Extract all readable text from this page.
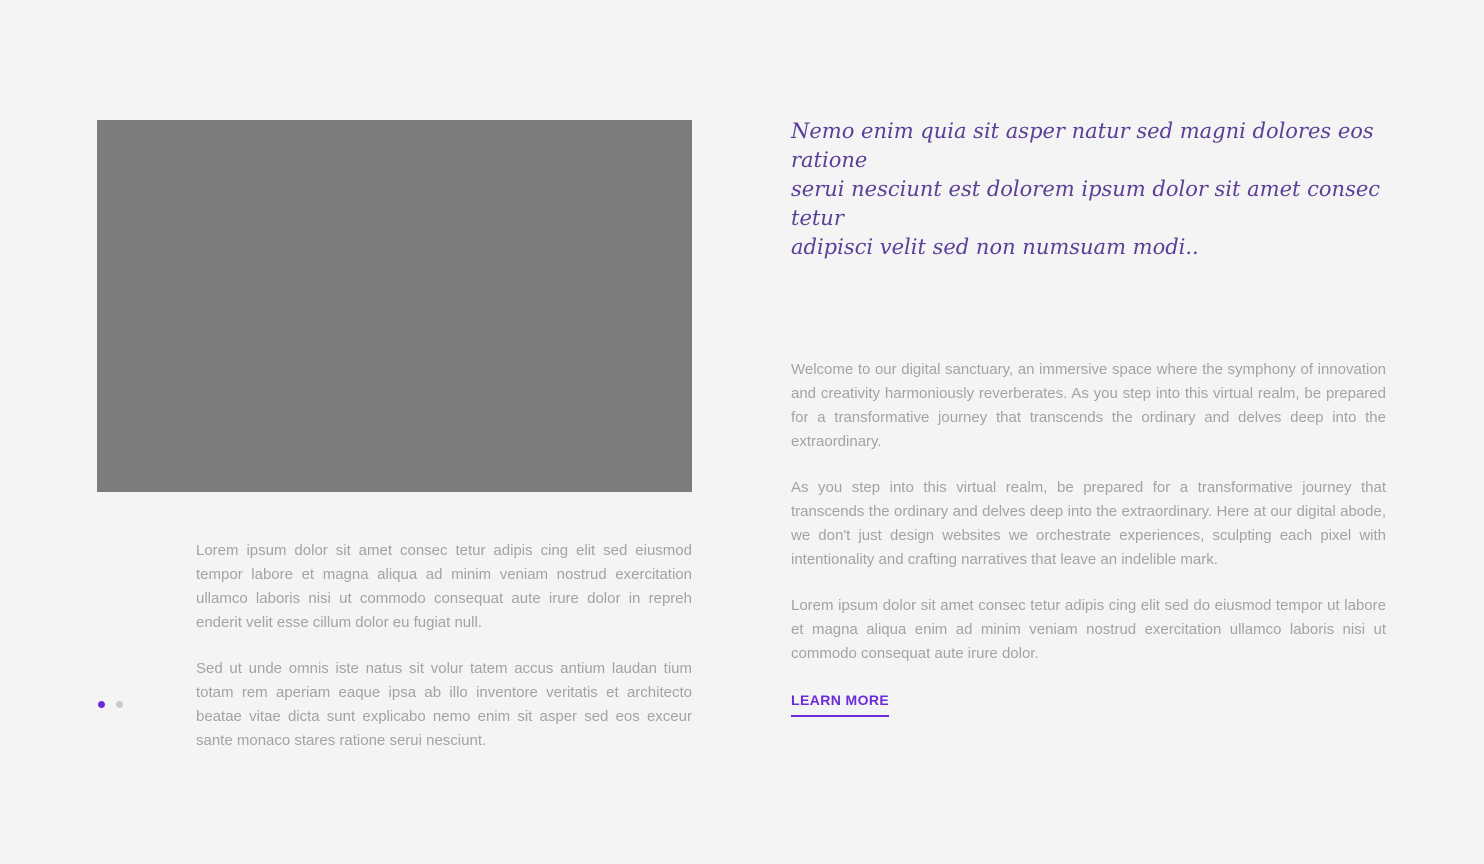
Lorem ipsum dolor sit amet consec tetur adipis cing elit sed eiusmod tempor labore et magna aliqua ad minim veniam nostrud exercitation ullamco laboris nisi ut commodo consequat aute irure dolor in repreh enderit velit esse cillum dolor eu fugiat null.

Sed ut unde omnis iste natus sit volur tatem accus antium laudan tium totam rem aperiam eaque ipsa ab illo inventore veritatis et architecto beatae vitae dicta sunt explicabo nemo enim sit asper sed eos exceur sante monaco stares ratione serui nesciunt.

Nemo enim quia sit asper natur sed magni dolores eos ratione
serui nesciunt est dolorem ipsum dolor sit amet consec tetur
adipisci velit sed non numsuam modi..

Welcome to our digital sanctuary, an immersive space where the symphony of innovation and creativity harmoniously reverberates. As you step into this virtual realm, be prepared for a transformative journey that transcends the ordinary and delves deep into the extraordinary.

As you step into this virtual realm, be prepared for a transformative journey that transcends the ordinary and delves deep into the extraordinary. Here at our digital abode, we don't just design websites we orchestrate experiences, sculpting each pixel with intentionality and crafting narratives that leave an indelible mark.

Lorem ipsum dolor sit amet consec tetur adipis cing elit sed do eiusmod tempor ut labore et magna aliqua enim ad minim veniam nostrud exercitation ullamco laboris nisi ut commodo consequat aute irure dolor.

LEARN MORE
